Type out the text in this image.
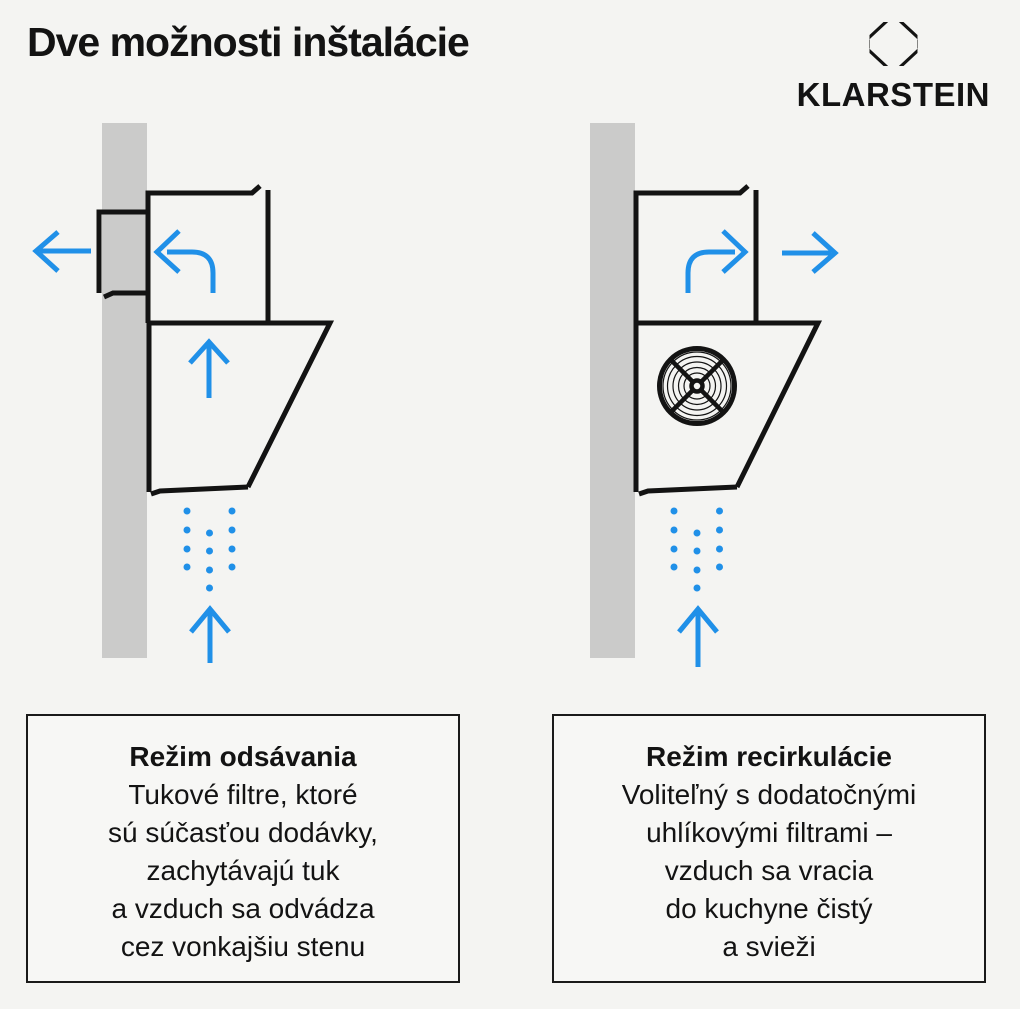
Dve možnosti inštalácie
KLARSTEIN
Režim odsávania
Tukové filtre, ktoré
sú súčasťou dodávky,
zachytávajú tuk
a vzduch sa odvádza
cez vonkajšiu stenu
Režim recirkulácie
Voliteľný s dodatočnými
uhlíkovými filtrami –
vzduch sa vracia
do kuchyne čistý
a svieži
